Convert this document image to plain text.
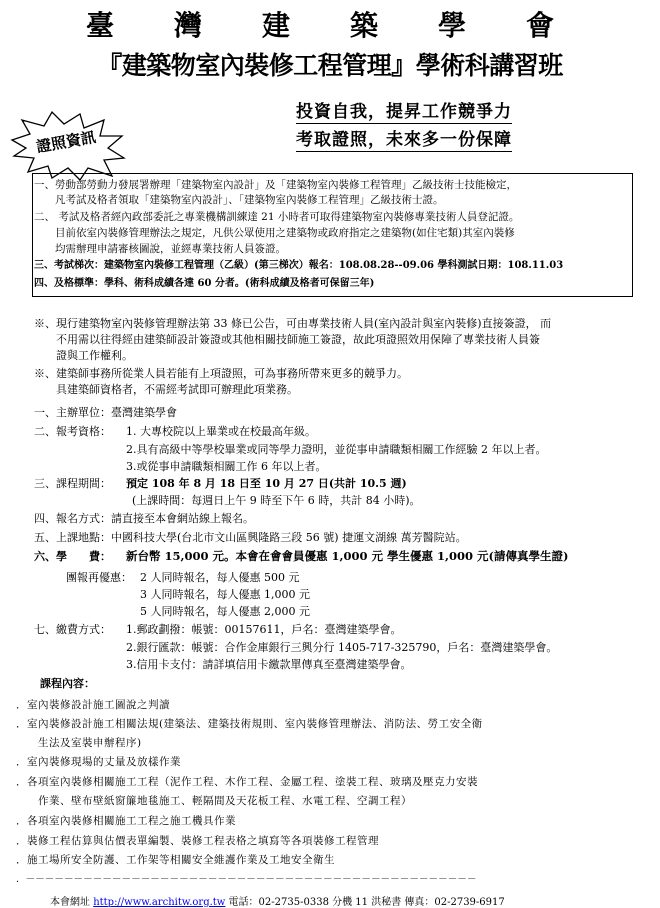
臺灣建築學會
『建築物室內裝修工程管理』學術科講習班
投資自我，提昇工作競爭力
考取證照，未來多一份保障
證照資訊
一、勞動部勞動力發展署辦理「建築物室內設計」及「建築物室內裝修工程管理」乙級技術士技能檢定，
　　凡考試及格者領取「建築物室內設計」、「建築物室內裝修工程管理」乙級技術士證。
二、 考試及格者經內政部委託之專業機構訓練達 21 小時者可取得建築物室內裝修專業技術人員登記證。
　　目前依室內裝修管理辦法之規定，凡供公眾使用之建築物或政府指定之建築物(如住宅類)其室內裝修
　　均需辦理申請審核圖說，並經專業技術人員簽證。
三、考試梯次：建築物室內裝修工程管理（乙級）(第三梯次）報名：108.08.28--09.06 學科測試日期：108.11.03
四、及格標準：學科、術科成績各達 60 分者。(術科成績及格者可保留三年)
※、現行建築物室內裝修管理辦法第 33 條已公告，可由專業技術人員(室內設計與室內裝修)直接簽證， 而
　　不用需以往得經由建築師設計簽證或其他相關技師施工簽證，故此項證照效用保障了專業技術人員簽
　　證與工作權利。
※、建築師事務所從業人員若能有上項證照，可為事務所帶來更多的競爭力。
　　具建築師資格者，不需經考試即可辦理此項業務。
一、主辦單位：臺灣建築學會
二、報考資格： 1. 大專校院以上畢業或在校最高年級。
2.具有高級中等學校畢業或同等學力證明，並從事申請職類相關工作經驗 2 年以上者。
3.或從事申請職類相關工作 6 年以上者。
三、課程期間： 預定 108 年 8 月 18 日至 10 月 27 日(共計 10.5 週)
(上課時間：每週日上午 9 時至下午 6 時，共計 84 小時)。
四、報名方式：請直接至本會網站線上報名。
五、上課地點：中國科技大學(台北市文山區興隆路三段 56 號) 捷運文湖線 萬芳醫院站。
六、學　　費： 新台幣 15,000 元。本會在會會員優惠 1,000 元 學生優惠 1,000 元(請傳真學生證)
團報再優惠： 2 人同時報名，每人優惠 500 元
3 人同時報名，每人優惠 1,000 元
5 人同時報名，每人優惠 2,000 元
七、繳費方式： 1.郵政劃撥：帳號：00157611，戶名：臺灣建築學會。
2.銀行匯款：帳號：合作金庫銀行三興分行 1405-717-325790，戶名：臺灣建築學會。
3.信用卡支付：請詳填信用卡繳款單傳真至臺灣建築學會。
課程內容：
．室內裝修設計施工圖說之判讀
．室內裝修設計施工相關法規(建築法、建築技術規則、室內裝修管理辦法、消防法、勞工安全衛
　　生法及室裝申辦程序)
．室內裝修現場的丈量及放樣作業
．各項室內裝修相關施工工程（泥作工程、木作工程、金屬工程、塗裝工程、玻璃及壓克力安裝
　　作業、壁布壁紙窗簾地毯施工、輕隔間及天花板工程、水電工程、空調工程）
．各項室內裝修相關施工工程之施工機具作業
．裝修工程估算與估價表單編製、裝修工程表格之填寫等各項裝修工程管理
．施工場所安全防護、工作架等相關安全維護作業及工地安全衛生
．－－－－－－－－－－－－－－－－－－－－－－－－－－－－－－－－－－－－－－－－－－－－－－－
本會網址 http://www.architw.org.tw 電話：02-2735-0338 分機 11 洪秘書 傳真：02-2739-6917
